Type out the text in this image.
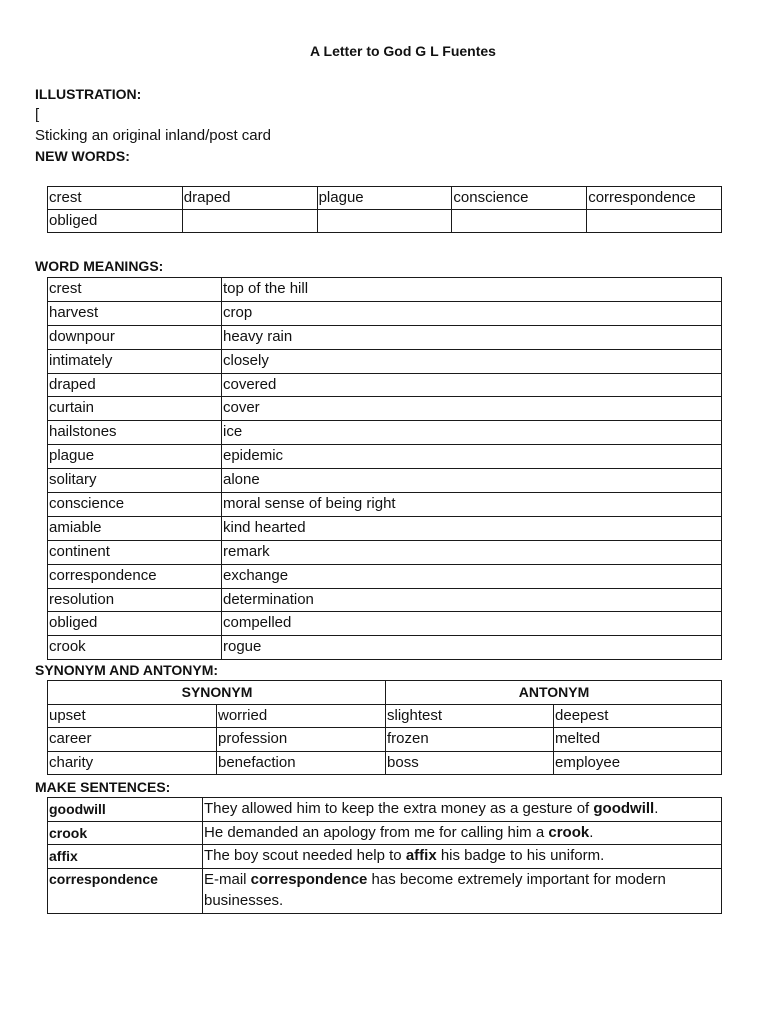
A Letter to God G L Fuentes

ILLUSTRATION:

[

Sticking an original inland/post card

NEW WORDS:

crest	draped	plague	conscience	correspondence
obliged				

WORD MEANINGS:

crest	top of the hill
harvest	crop
downpour	heavy rain
intimately	closely
draped	covered
curtain	cover
hailstones	ice
plague	epidemic
solitary	alone
conscience	moral sense of being right
amiable	kind hearted
continent	remark
correspondence	exchange
resolution	determination
obliged	compelled
crook	rogue

SYNONYM AND ANTONYM:

SYNONYM		ANTONYM	
upset	worried	slightest	deepest
career	profession	frozen	melted
charity	benefaction	boss	employee

MAKE SENTENCES:

goodwill	They allowed him to keep the extra money as a gesture of goodwill.
crook	He demanded an apology from me for calling him a crook.
affix	The boy scout needed help to affix his badge to his uniform.
correspondence	E-mail correspondence has become extremely important for modern businesses.
